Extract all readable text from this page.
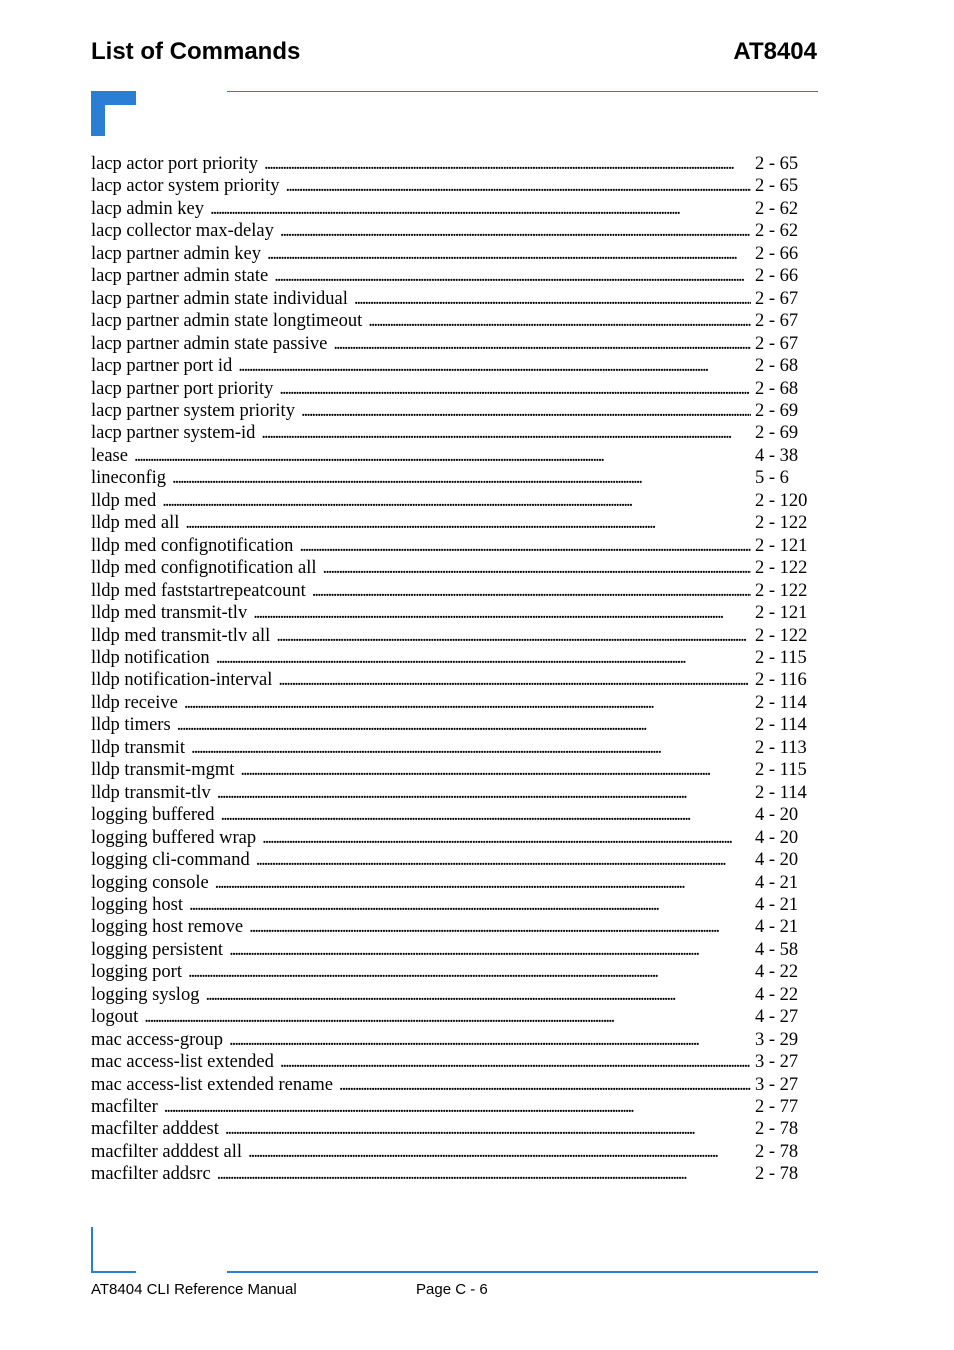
List of Commands	AT8404
lacp actor port priority . . .	2 - 65
lacp actor system priority . . .	2 - 65
lacp admin key . . .	2 - 62
lacp collector max-delay . . .	2 - 62
lacp partner admin key . . .	2 - 66
lacp partner admin state . . .	2 - 66
lacp partner admin state individual . . .	2 - 67
lacp partner admin state longtimeout . . .	2 - 67
lacp partner admin state passive . . .	2 - 67
lacp partner port id . . .	2 - 68
lacp partner port priority . . .	2 - 68
lacp partner system priority . . .	2 - 69
lacp partner system-id . . .	2 - 69
lease . . .	4 - 38
lineconfig . . .	5 - 6
lldp med . . .	2 - 120
lldp med all . . .	2 - 122
lldp med confignotification . . .	2 - 121
lldp med confignotification all . . .	2 - 122
lldp med faststartrepeatcount . . .	2 - 122
lldp med transmit-tlv . . .	2 - 121
lldp med transmit-tlv all . . .	2 - 122
lldp notification . . .	2 - 115
lldp notification-interval . . .	2 - 116
lldp receive . . .	2 - 114
lldp timers . . .	2 - 114
lldp transmit . . .	2 - 113
lldp transmit-mgmt . . .	2 - 115
lldp transmit-tlv . . .	2 - 114
logging buffered . . .	4 - 20
logging buffered wrap . . .	4 - 20
logging cli-command . . .	4 - 20
logging console . . .	4 - 21
logging host . . .	4 - 21
logging host remove . . .	4 - 21
logging persistent . . .	4 - 58
logging port . . .	4 - 22
logging syslog . . .	4 - 22
logout . . .	4 - 27
mac access-group . . .	3 - 29
mac access-list extended . . .	3 - 27
mac access-list extended rename . . .	3 - 27
macfilter . . .	2 - 77
macfilter adddest . . .	2 - 78
macfilter adddest all . . .	2 - 78
macfilter addsrc . . .	2 - 78
AT8404 CLI Reference Manual	Page C - 6
